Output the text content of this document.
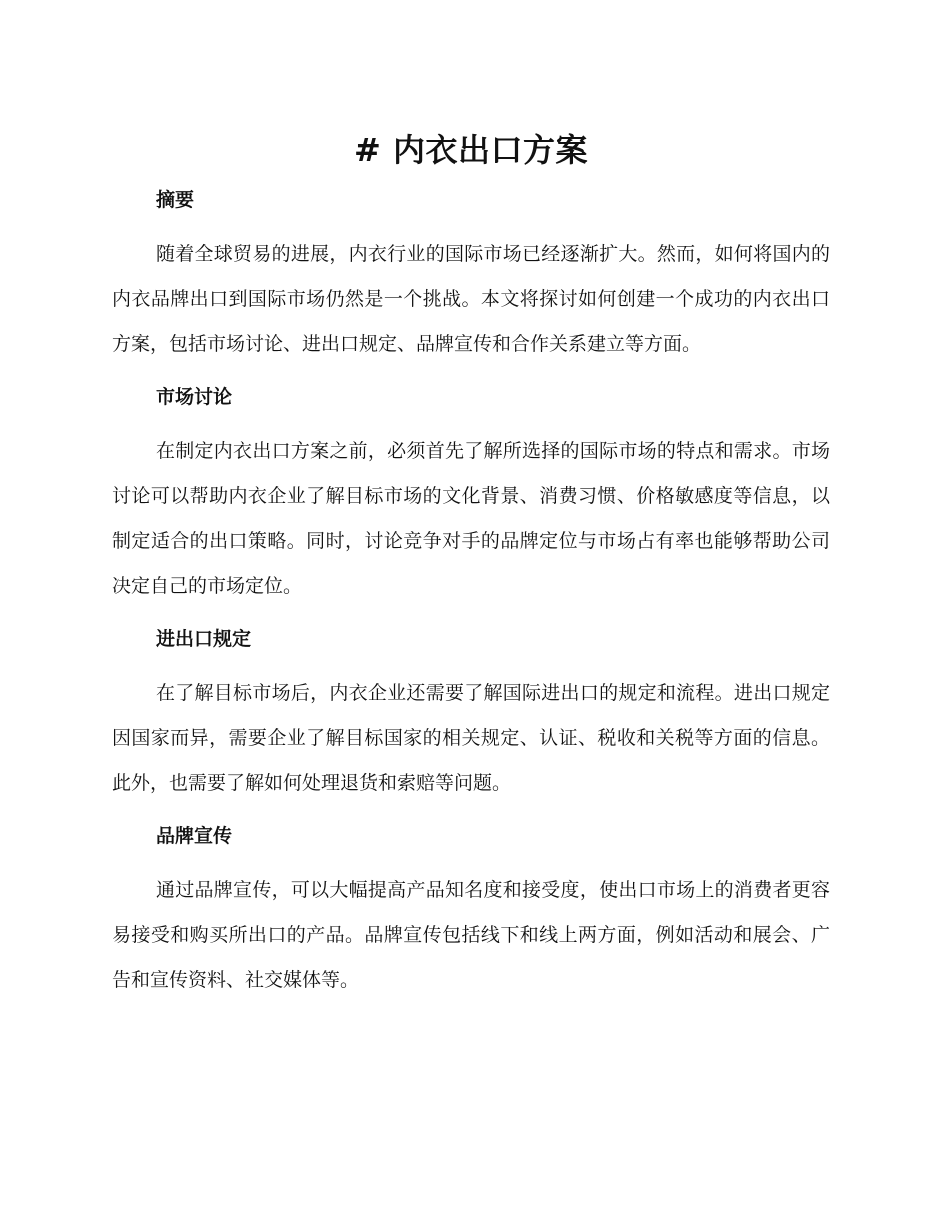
# 内衣出口方案
摘要

随着全球贸易的进展，内衣行业的国际市场已经逐渐扩大。然而，如何将国内的内衣品牌出口到国际市场仍然是一个挑战。本文将探讨如何创建一个成功的内衣出口方案，包括市场讨论、进出口规定、品牌宣传和合作关系建立等方面。

市场讨论

在制定内衣出口方案之前，必须首先了解所选择的国际市场的特点和需求。市场讨论可以帮助内衣企业了解目标市场的文化背景、消费习惯、价格敏感度等信息，以制定适合的出口策略。同时，讨论竞争对手的品牌定位与市场占有率也能够帮助公司决定自己的市场定位。

进出口规定

在了解目标市场后，内衣企业还需要了解国际进出口的规定和流程。进出口规定因国家而异，需要企业了解目标国家的相关规定、认证、税收和关税等方面的信息。此外，也需要了解如何处理退货和索赔等问题。

品牌宣传

通过品牌宣传，可以大幅提高产品知名度和接受度，使出口市场上的消费者更容易接受和购买所出口的产品。品牌宣传包括线下和线上两方面，例如活动和展会、广告和宣传资料、社交媒体等。
